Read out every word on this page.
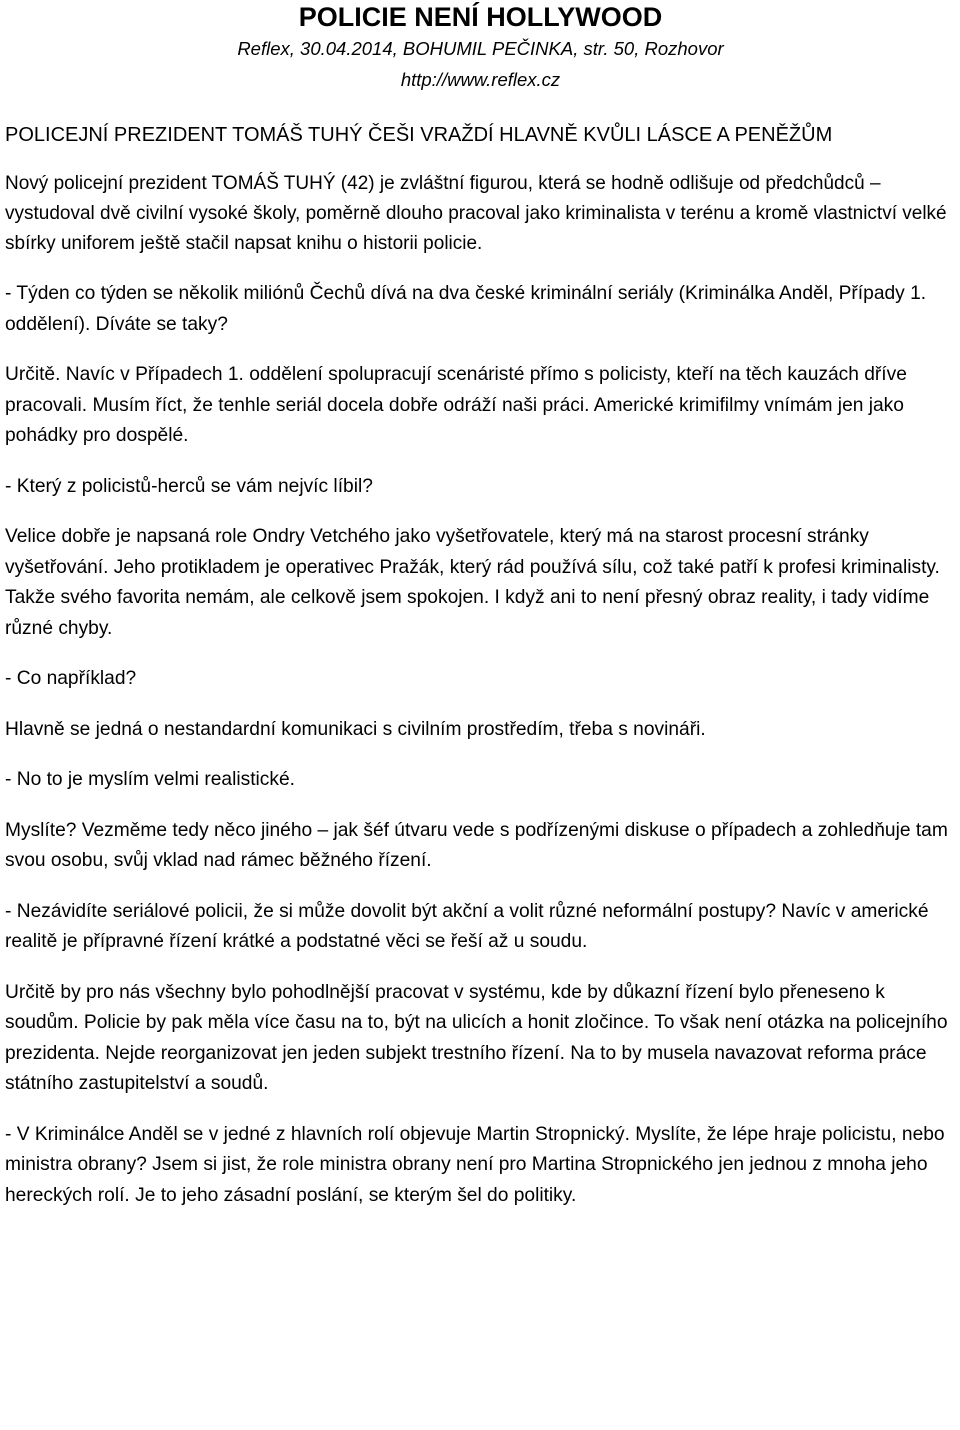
POLICIE NENÍ HOLLYWOOD
Reflex, 30.04.2014, BOHUMIL PEČINKA, str. 50, Rozhovor
http://www.reflex.cz

POLICEJNÍ PREZIDENT TOMÁŠ TUHÝ ČEŠI VRAŽDÍ HLAVNĚ KVŮLI LÁSCE A PENĚŽŮM

Nový policejní prezident TOMÁŠ TUHÝ (42) je zvláštní figurou, která se hodně odlišuje od předchůdců – vystudoval dvě civilní vysoké školy, poměrně dlouho pracoval jako kriminalista v terénu a kromě vlastnictví velké sbírky uniforem ještě stačil napsat knihu o historii policie.

- Týden co týden se několik miliónů Čechů dívá na dva české kriminální seriály (Kriminálka Anděl, Případy 1. oddělení). Díváte se taky?

Určitě. Navíc v Případech 1. oddělení spolupracují scenáristé přímo s policisty, kteří na těch kauzách dříve pracovali. Musím říct, že tenhle seriál docela dobře odráží naši práci. Americké krimifilmy vnímám jen jako pohádky pro dospělé.

- Který z policistů-herců se vám nejvíc líbil?

Velice dobře je napsaná role Ondry Vetchého jako vyšetřovatele, který má na starost procesní stránky vyšetřování. Jeho protikladem je operativec Pražák, který rád používá sílu, což také patří k profesi kriminalisty. Takže svého favorita nemám, ale celkově jsem spokojen. I když ani to není přesný obraz reality, i tady vidíme různé chyby.

- Co například?

Hlavně se jedná o nestandardní komunikaci s civilním prostředím, třeba s novináři.

- No to je myslím velmi realistické.

Myslíte? Vezměme tedy něco jiného – jak šéf útvaru vede s podřízenými diskuse o případech a zohledňuje tam svou osobu, svůj vklad nad rámec běžného řízení.

- Nezávidíte seriálové policii, že si může dovolit být akční a volit různé neformální postupy? Navíc v americké realitě je přípravné řízení krátké a podstatné věci se řeší až u soudu.

Určitě by pro nás všechny bylo pohodlnější pracovat v systému, kde by důkazní řízení bylo přeneseno k soudům. Policie by pak měla více času na to, být na ulicích a honit zločince. To však není otázka na policejního prezidenta. Nejde reorganizovat jen jeden subjekt trestního řízení. Na to by musela navazovat reforma práce státního zastupitelství a soudů.

- V Kriminálce Anděl se v jedné z hlavních rolí objevuje Martin Stropnický. Myslíte, že lépe hraje policistu, nebo ministra obrany? Jsem si jist, že role ministra obrany není pro Martina Stropnického jen jednou z mnoha jeho hereckých rolí. Je to jeho zásadní poslání, se kterým šel do politiky.
